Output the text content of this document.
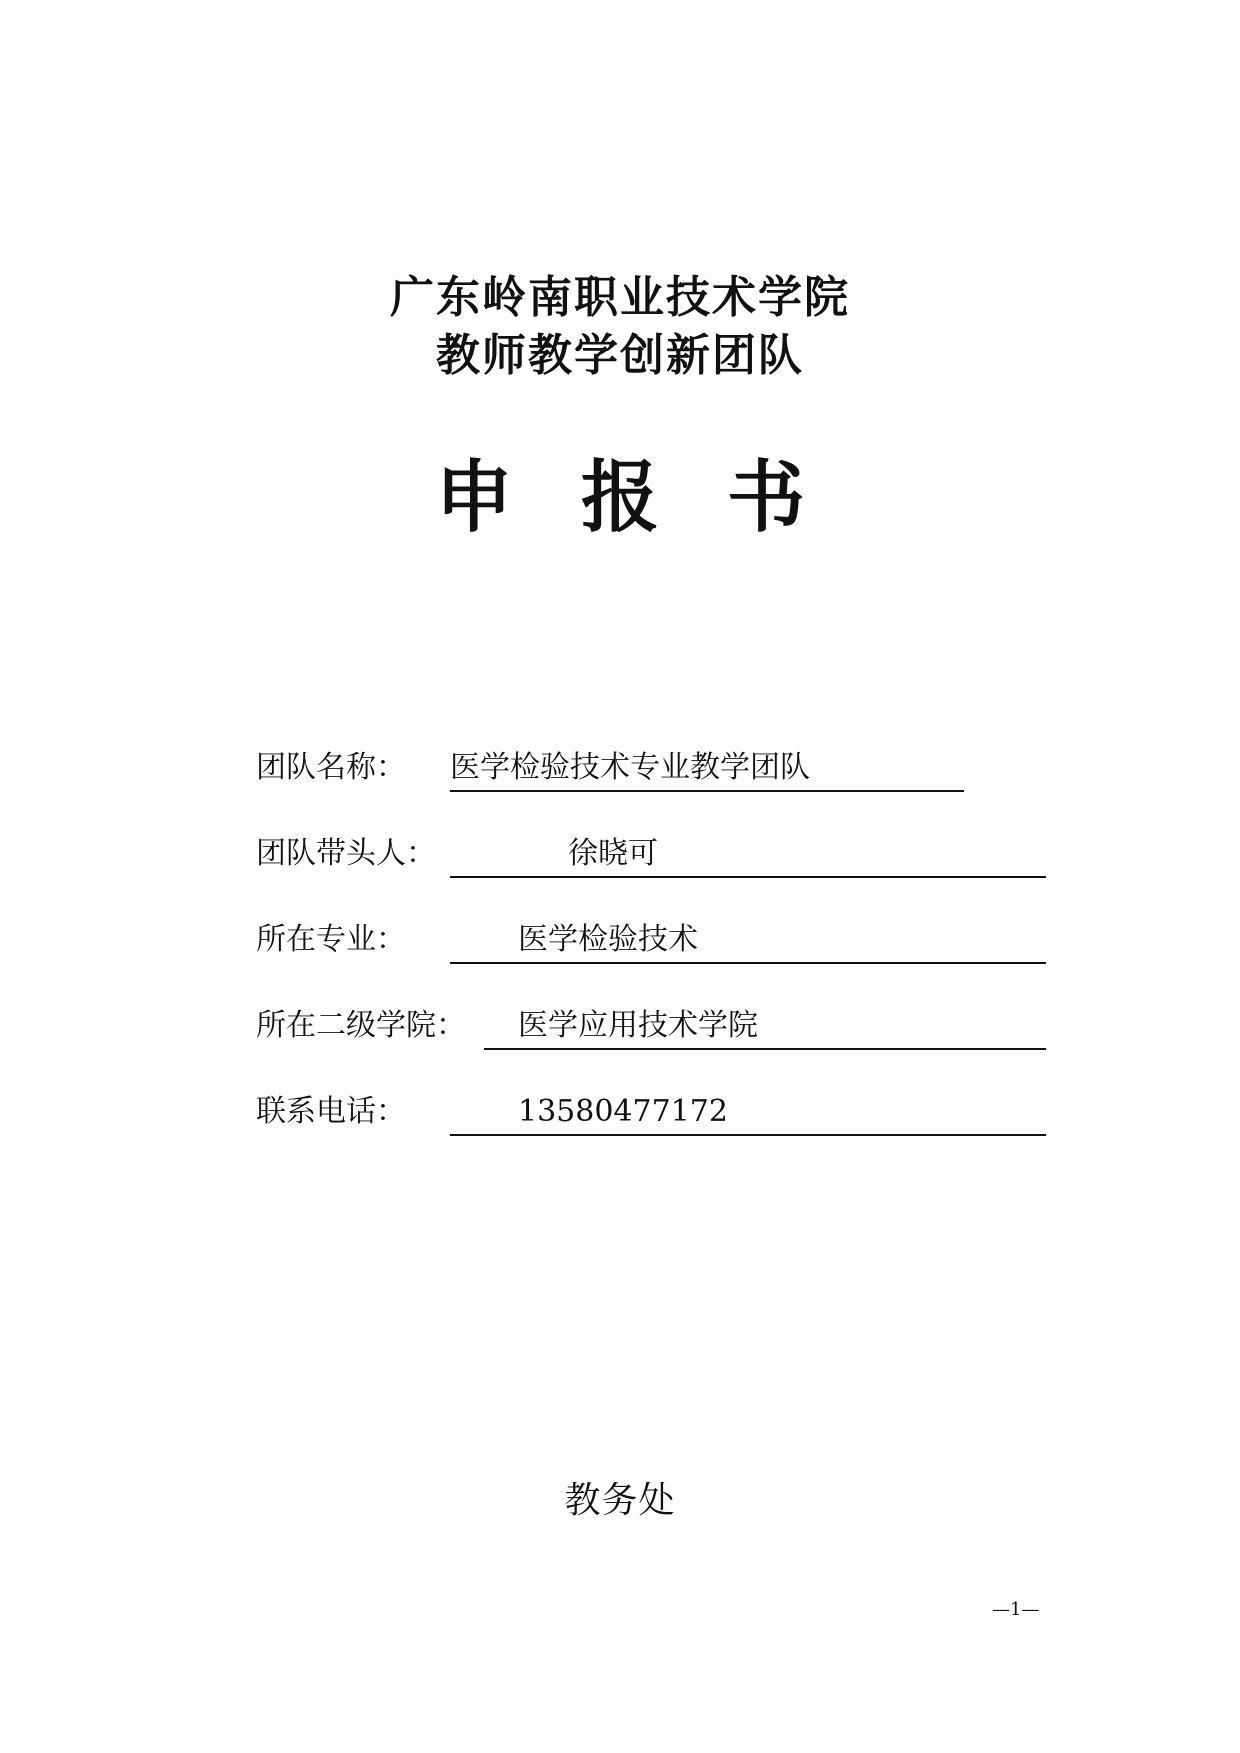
广东岭南职业技术学院
教师教学创新团队
申 报 书
团队名称： 医学检验技术专业教学团队
团队带头人：	徐晓可
所在专业：	医学检验技术
所在二级学院： 医学应用技术学院
联系电话：	13580477172
教务处
—1—
